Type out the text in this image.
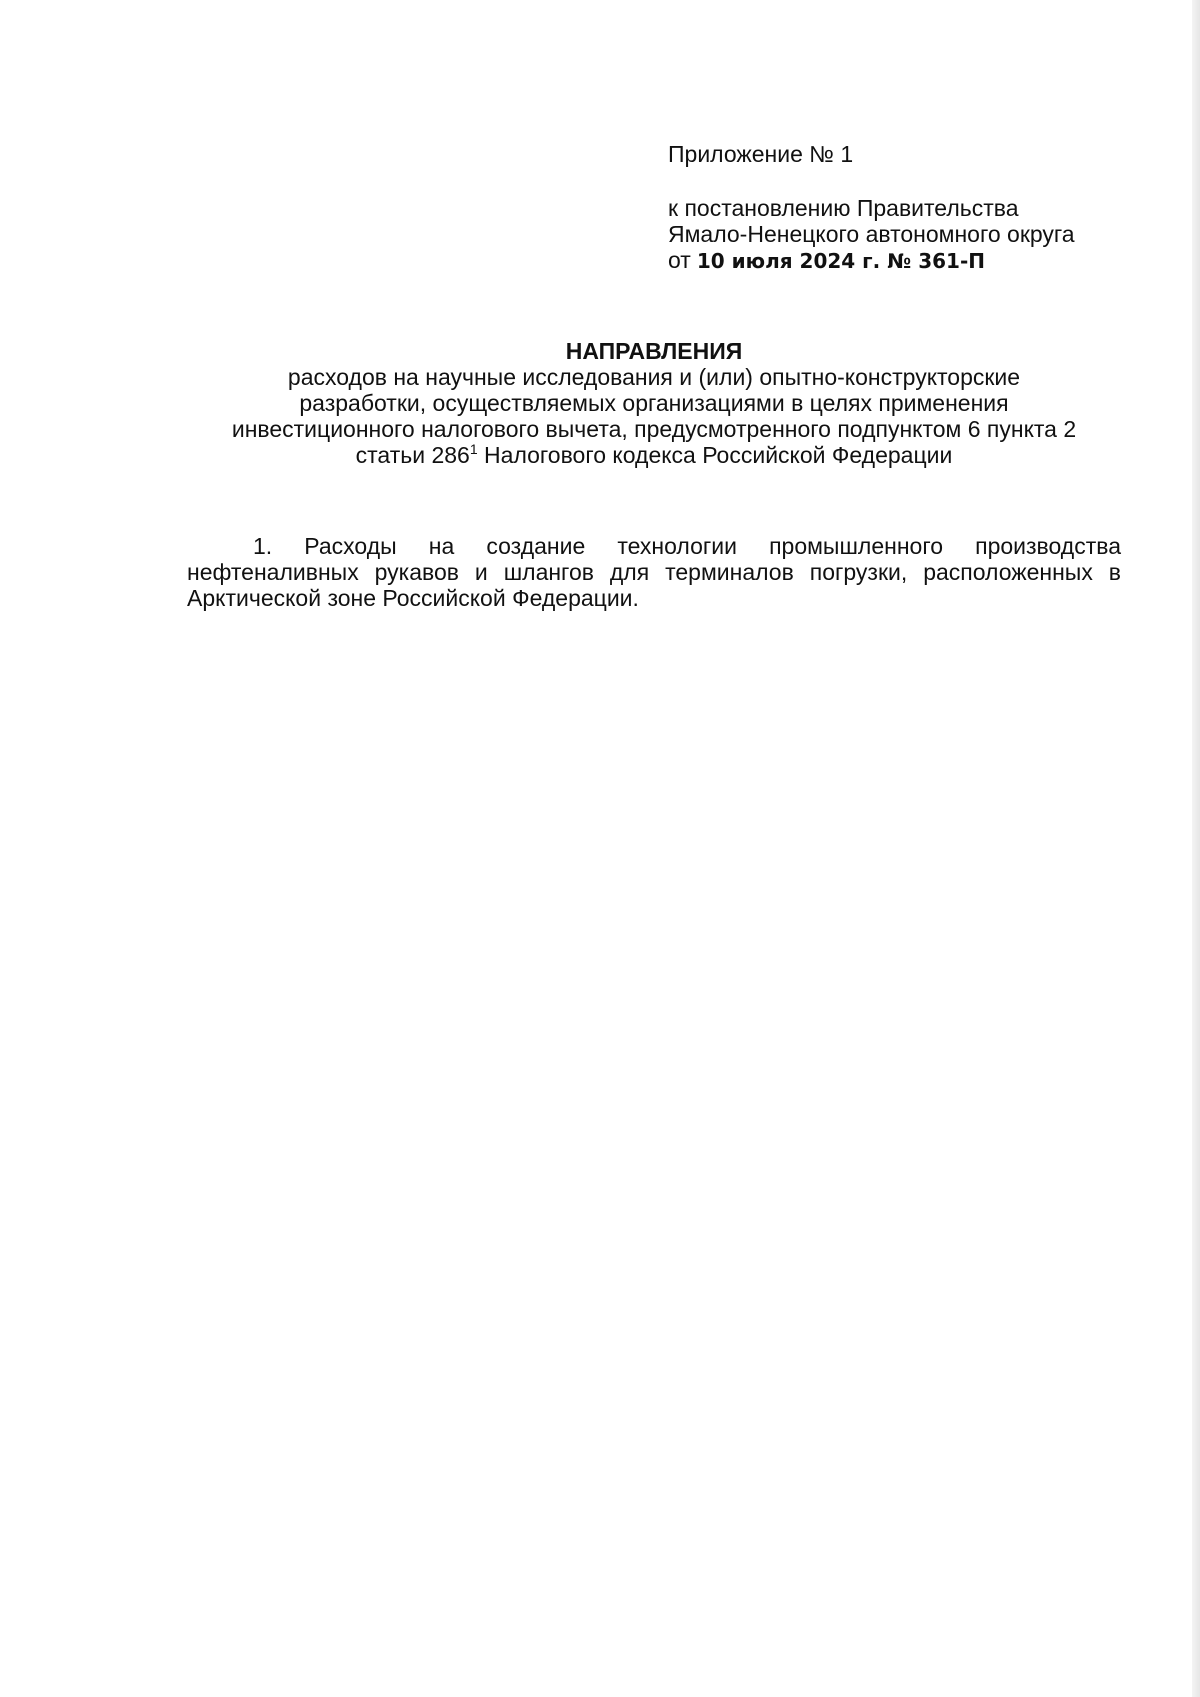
Приложение № 1

к постановлению Правительства

Ямало-Ненецкого автономного округа

от 10 июля 2024 г. № 361-П

НАПРАВЛЕНИЯ

расходов на научные исследования и (или) опытно-конструкторские

разработки, осуществляемых организациями в целях применения

инвестиционного налогового вычета, предусмотренного подпунктом 6 пункта 2

статьи $286^1$ Налогового кодекса Российской Федерации

1. Расходы на создание технологии промышленного производства нефтеналивных рукавов и шлангов для терминалов погрузки, расположенных в Арктической зоне Российской Федерации.
